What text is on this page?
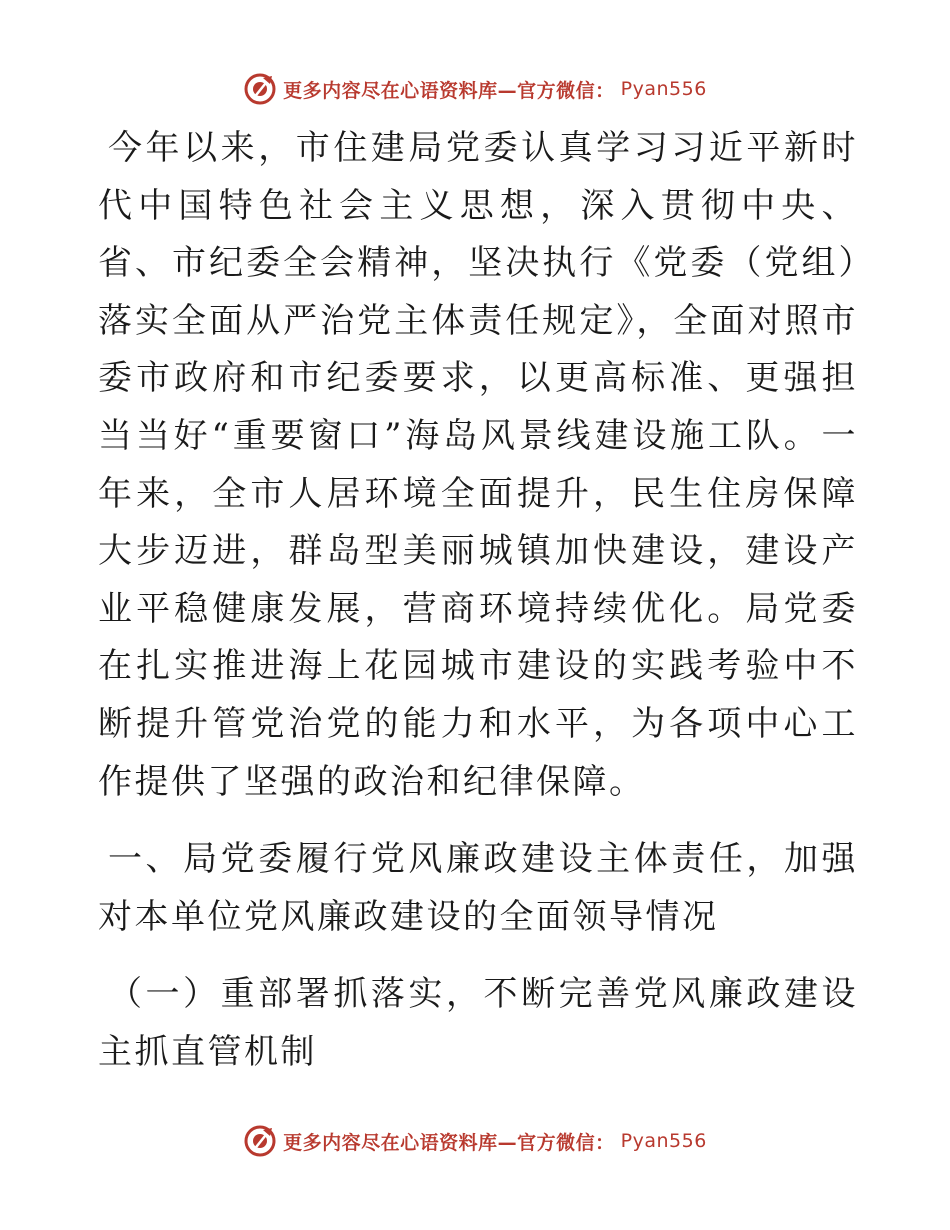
更多内容尽在心语资料库—官方微信： Pyan556

今年以来，市住建局党委认真学习习近平新时代中国特色社会主义思想，深入贯彻中央、省、市纪委全会精神，坚决执行《党委（党组）落实全面从严治党主体责任规定》，全面对照市委市政府和市纪委要求，以更高标准、更强担当当好“重要窗口”海岛风景线建设施工队。一年来，全市人居环境全面提升，民生住房保障大步迈进，群岛型美丽城镇加快建设，建设产业平稳健康发展，营商环境持续优化。局党委在扎实推进海上花园城市建设的实践考验中不断提升管党治党的能力和水平，为各项中心工作提供了坚强的政治和纪律保障。

一、局党委履行党风廉政建设主体责任，加强对本单位党风廉政建设的全面领导情况

（一）重部署抓落实，不断完善党风廉政建设主抓直管机制

更多内容尽在心语资料库—官方微信： Pyan556
